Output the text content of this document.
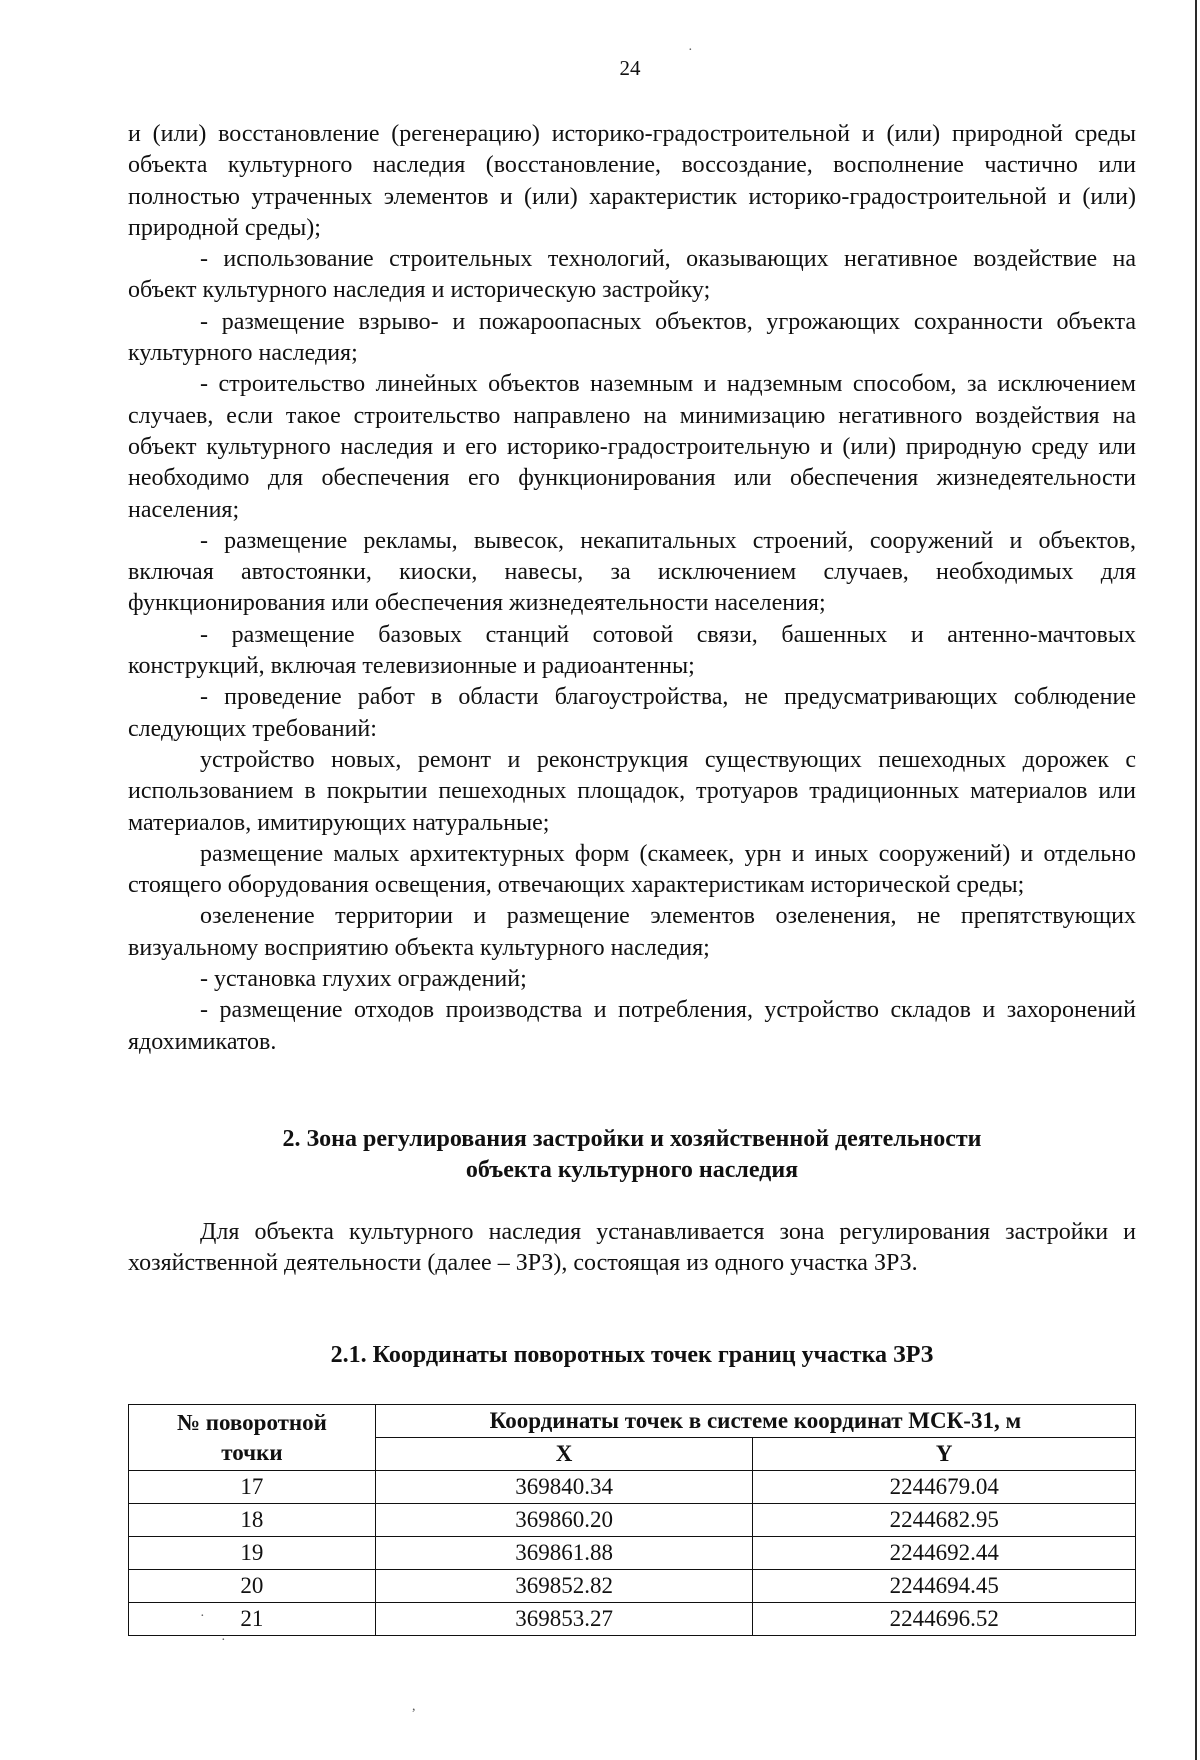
24

и (или) восстановление (регенерацию) историко-градостроительной и (или) природной среды объекта культурного наследия (восстановление, воссоздание, восполнение частично или полностью утраченных элементов и (или) характеристик историко-градостроительной и (или) природной среды);

- использование строительных технологий, оказывающих негативное воздействие на объект культурного наследия и историческую застройку;

- размещение взрыво- и пожароопасных объектов, угрожающих сохранности объекта культурного наследия;

- строительство линейных объектов наземным и надземным способом, за исключением случаев, если такое строительство направлено на минимизацию негативного воздействия на объект культурного наследия и его историко-градостроительную и (или) природную среду или необходимо для обеспечения его функционирования или обеспечения жизнедеятельности населения;

- размещение рекламы, вывесок, некапитальных строений, сооружений и объектов, включая автостоянки, киоски, навесы, за исключением случаев, необходимых для функционирования или обеспечения жизнедеятельности населения;

- размещение базовых станций сотовой связи, башенных и антенно-мачтовых конструкций, включая телевизионные и радиоантенны;

- проведение работ в области благоустройства, не предусматривающих соблюдение следующих требований:

устройство новых, ремонт и реконструкция существующих пешеходных дорожек с использованием в покрытии пешеходных площадок, тротуаров традиционных материалов или материалов, имитирующих натуральные;

размещение малых архитектурных форм (скамеек, урн и иных сооружений) и отдельно стоящего оборудования освещения, отвечающих характеристикам исторической среды;

озеленение территории и размещение элементов озеленения, не препятствующих визуальному восприятию объекта культурного наследия;

- установка глухих ограждений;

- размещение отходов производства и потребления, устройство складов и захоронений ядохимикатов.

2. Зона регулирования застройки и хозяйственной деятельности
объекта культурного наследия
Для объекта культурного наследия устанавливается зона регулирования застройки и хозяйственной деятельности (далее – ЗРЗ), состоящая из одного участка ЗРЗ.
2.1. Координаты поворотных точек границ участка ЗРЗ
№ поворотной
точки	Координаты точек в системе координат МСК-31, м	
	X	Y
17	369840.34	2244679.04
18	369860.20	2244682.95
19	369861.88	2244692.44
20	369852.82	2244694.45
21	369853.27	2244696.52
·
·
·
,
